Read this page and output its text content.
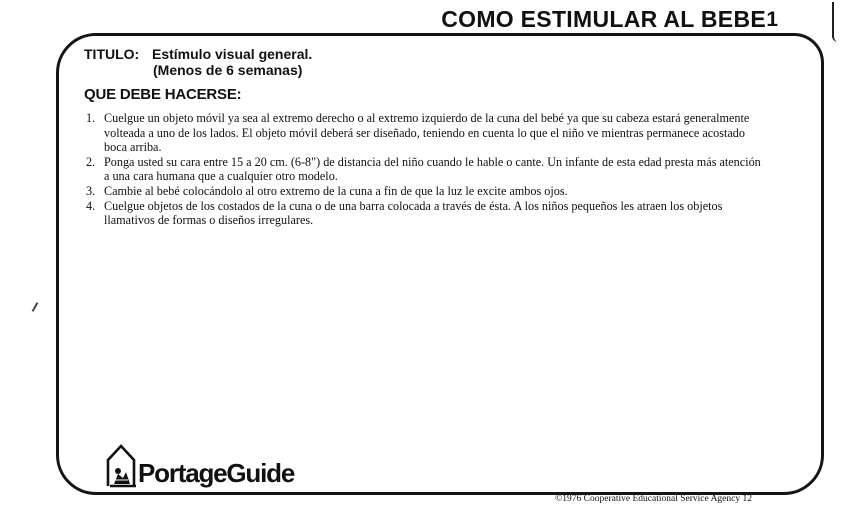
COMO ESTIMULAR AL BEBE 1
TITULO: Estímulo visual general.
(Menos de 6 semanas)
QUE DEBE HACERSE:
1. Cuelgue un objeto móvil ya sea al extremo derecho o al extremo izquierdo de la cuna del bebé ya que su cabeza estará generalmente volteada a uno de los lados. El objeto móvil deberá ser diseñado, teniendo en cuenta lo que el niño ve mientras permanece acostado boca arriba.
2. Ponga usted su cara entre 15 a 20 cm. (6-8") de distancia del niño cuando le hable o cante. Un infante de esta edad presta más atención a una cara humana que a cualquier otro modelo.
3. Cambie al bebé colocándolo al otro extremo de la cuna a fin de que la luz le excite ambos ojos.
4. Cuelgue objetos de los costados de la cuna o de una barra colocada a través de ésta. A los niños pequeños les atraen los objetos llamativos de formas o diseños irregulares.
PortageGuide
©1976 Cooperative Educational Service Agency 12
